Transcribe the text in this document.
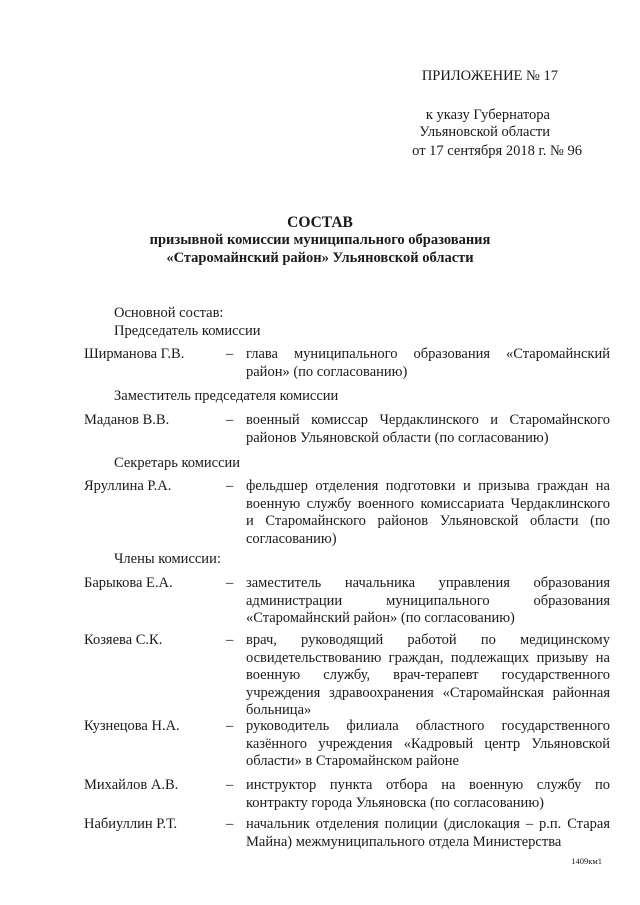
ПРИЛОЖЕНИЕ № 17
к указу Губернатора
Ульяновской области
от 17 сентября 2018 г. № 96
СОСТАВ
призывной комиссии муниципального образования
«Старомайнский район» Ульяновской области
Основной состав:
Председатель комиссии
Ширманова Г.В.	– глава муниципального образования «Старомайнский район» (по согласованию)
Заместитель председателя комиссии
Маданов В.В.	– военный комиссар Чердаклинского и Старомайнского районов Ульяновской области (по согласованию)
Секретарь комиссии
Яруллина Р.А.	– фельдшер отделения подготовки и призыва граждан на военную службу военного комиссариата Чердаклинского и Старомайнского районов Ульяновской области (по согласованию)
Члены комиссии:
Барыкова Е.А.	– заместитель начальника управления образования администрации муниципального образования «Старомайнский район» (по согласованию)
Козяева С.К.	– врач, руководящий работой по медицинскому освидетельствованию граждан, подлежащих призыву на военную службу, врач-терапевт государственного учреждения здравоохранения «Старомайнская районная больница»
Кузнецова Н.А.	– руководитель филиала областного государственного казённого учреждения «Кадровый центр Ульяновской области» в Старомайнском районе
Михайлов А.В.	– инструктор пункта отбора на военную службу по контракту города Ульяновска (по согласованию)
Набиуллин Р.Т.	– начальник отделения полиции (дислокация – р.п. Старая Майна) межмуниципального отдела Министерства
1409км1
